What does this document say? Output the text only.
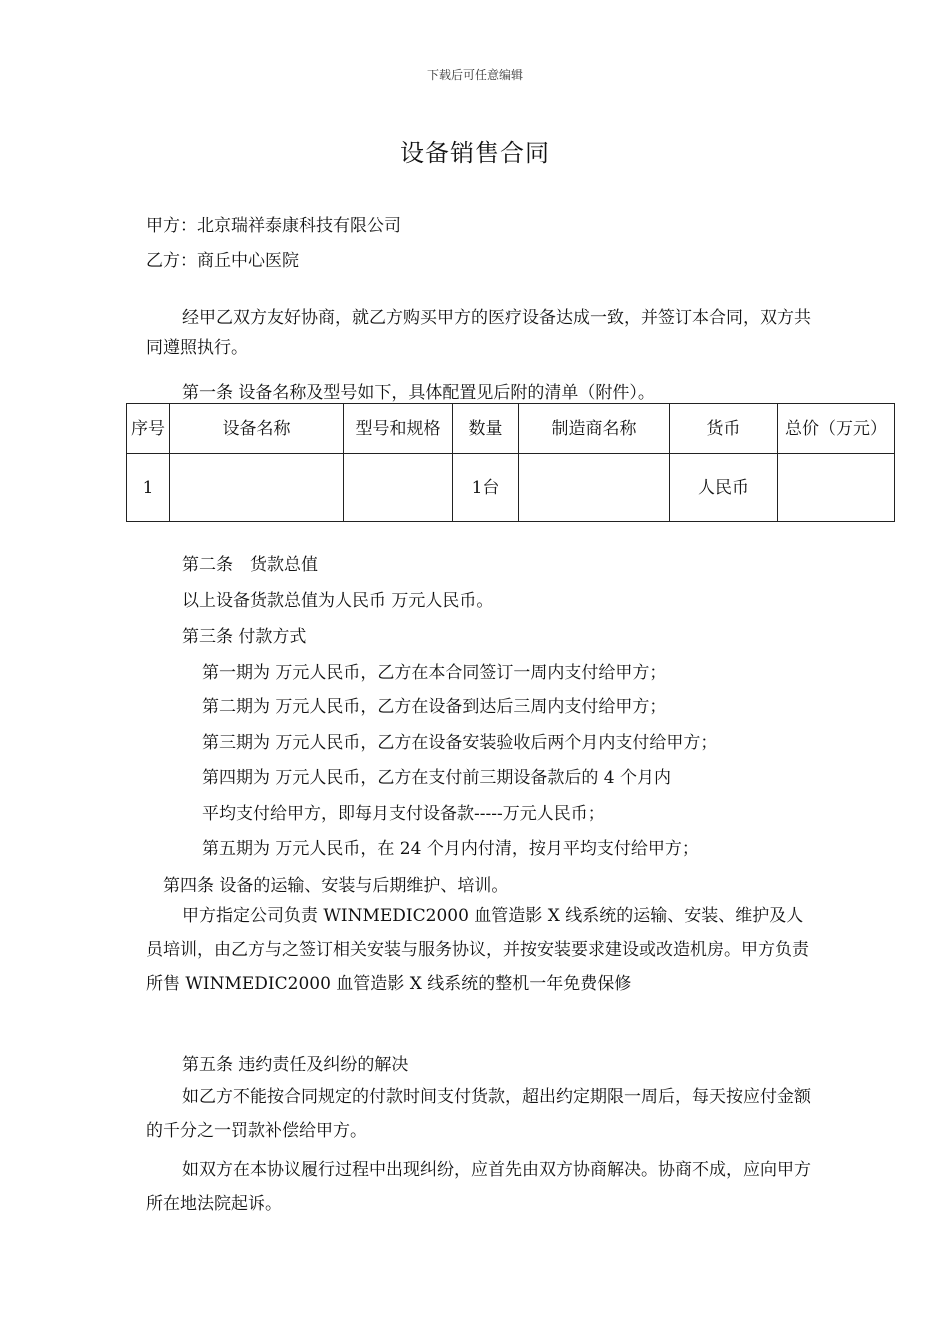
下载后可任意编辑
设备销售合同
甲方：北京瑞祥泰康科技有限公司
乙方：商丘中心医院
经甲乙双方友好协商，就乙方购买甲方的医疗设备达成一致，并签订本合同，双方共同遵照执行。
第一条 设备名称及型号如下，具体配置见后附的清单（附件）。
序号	设备名称	型号和规格	数量	制造商名称	货币	总价（万元）
1			1台		人民币	
第二条　货款总值
以上设备货款总值为人民币 万元人民币。
第三条 付款方式
第一期为 万元人民币，乙方在本合同签订一周内支付给甲方；
第二期为 万元人民币，乙方在设备到达后三周内支付给甲方；
第三期为 万元人民币，乙方在设备安装验收后两个月内支付给甲方；
第四期为 万元人民币，乙方在支付前三期设备款后的 4 个月内
平均支付给甲方，即每月支付设备款-----万元人民币；
第五期为 万元人民币，在 24 个月内付清，按月平均支付给甲方；
第四条 设备的运输、安装与后期维护、培训。
甲方指定公司负责 WINMEDIC2000 血管造影 X 线系统的运输、安装、维护及人员培训，由乙方与之签订相关安装与服务协议，并按安装要求建设或改造机房。甲方负责所售 WINMEDIC2000 血管造影 X 线系统的整机一年免费保修
第五条 违约责任及纠纷的解决
如乙方不能按合同规定的付款时间支付货款，超出约定期限一周后，每天按应付金额的千分之一罚款补偿给甲方。
如双方在本协议履行过程中出现纠纷，应首先由双方协商解决。协商不成，应向甲方所在地法院起诉。
